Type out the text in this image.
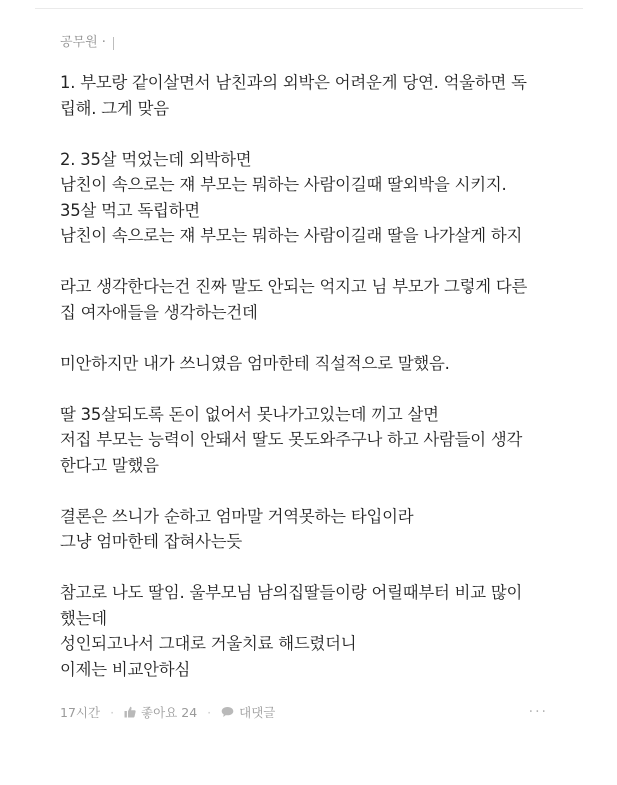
공무원 ·
1. 부모랑 같이살면서 남친과의 외박은 어려운게 당연. 억울하면 독
립해. 그게 맞음
2. 35살 먹었는데 외박하면
남친이 속으로는 쟤 부모는 뭐하는 사람이길때 딸외박을 시키지.
35살 먹고 독립하면
남친이 속으로는 쟤 부모는 뭐하는 사람이길래 딸을 나가살게 하지
라고 생각한다는건 진짜 말도 안되는 억지고 님 부모가 그렇게 다른
집 여자애들을 생각하는건데
미안하지만 내가 쓰니였음 엄마한테 직설적으로 말했음.
딸 35살되도록 돈이 없어서 못나가고있는데 끼고 살면
저집 부모는 능력이 안돼서 딸도 못도와주구나 하고 사람들이 생각
한다고 말했음
결론은 쓰니가 순하고 엄마말 거역못하는 타입이라
그냥 엄마한테 잡혀사는듯
참고로 나도 딸임. 울부모님 남의집딸들이랑 어릴때부터 비교 많이
했는데
성인되고나서 그대로 거울치료 해드렸더니
이제는 비교안하심
17시간 · 좋아요 24 · 대댓글	···
